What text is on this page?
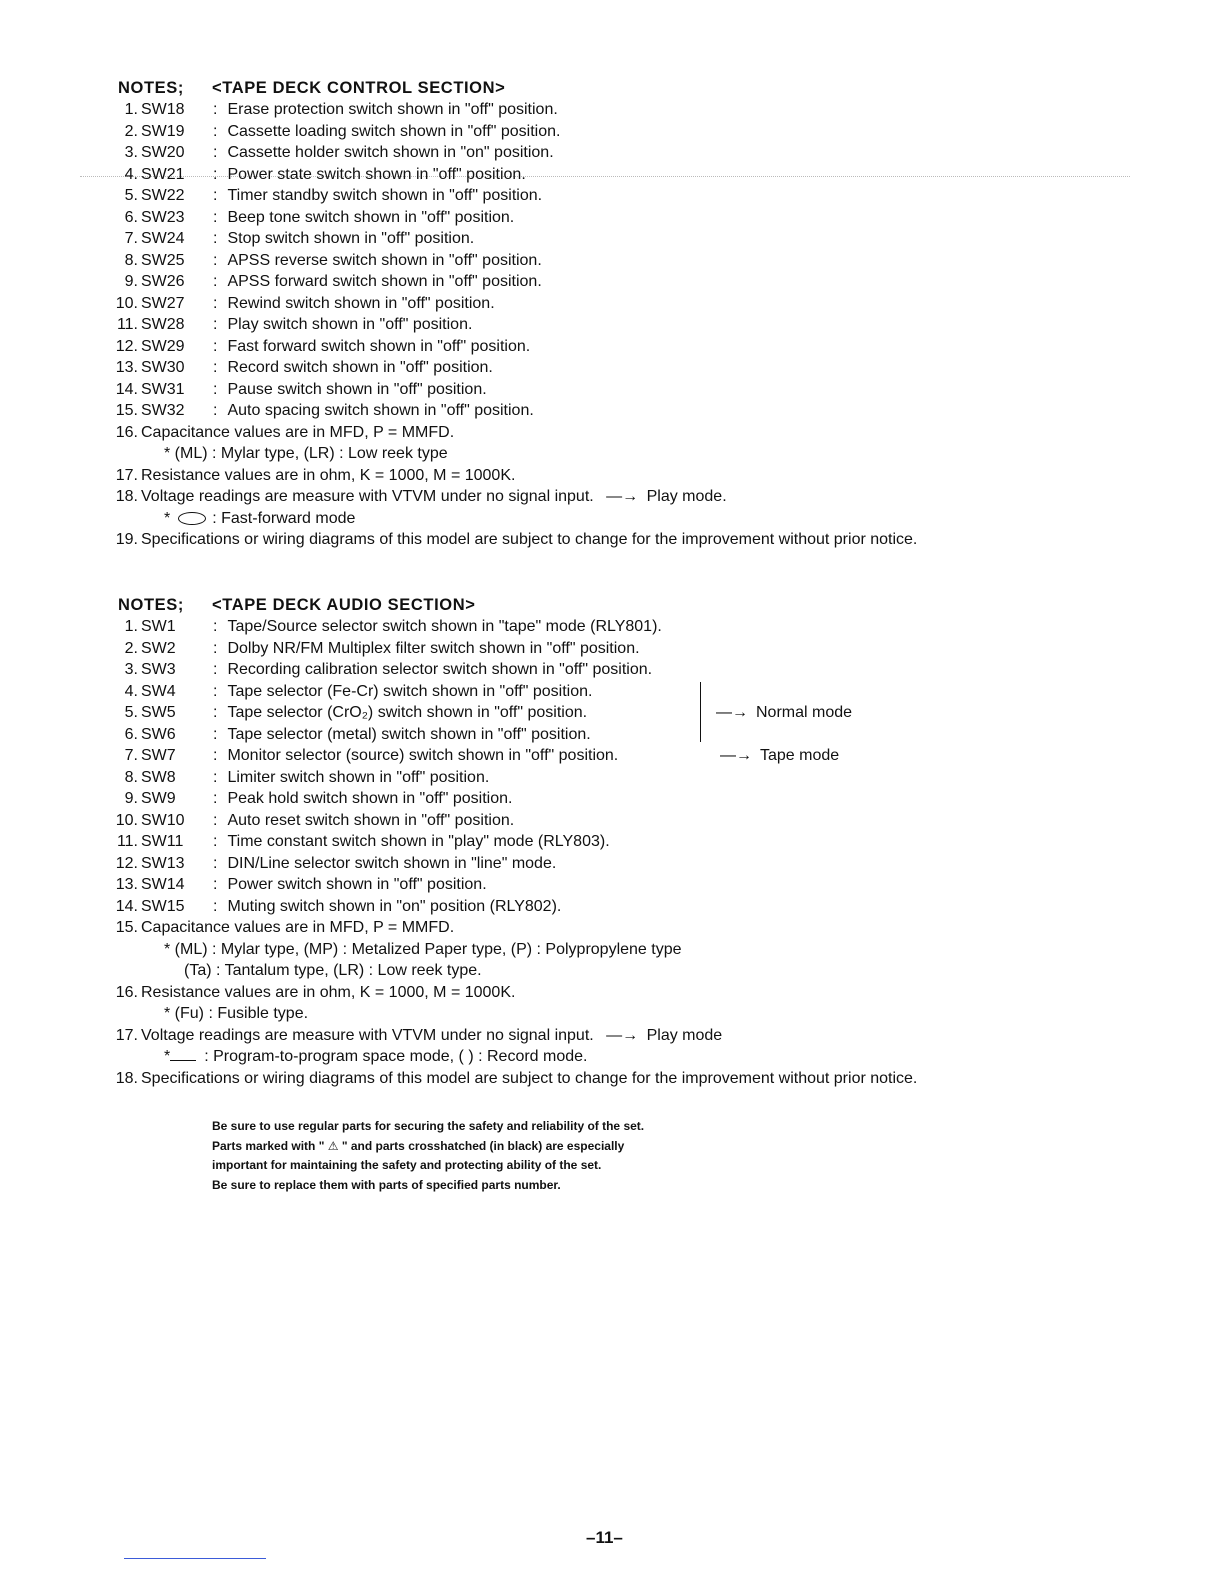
NOTES; <TAPE DECK CONTROL SECTION>
1. SW18 : Erase protection switch shown in "off" position.
2. SW19 : Cassette loading switch shown in "off" position.
3. SW20 : Cassette holder switch shown in "on" position.
4. SW21 : Power state switch shown in "off" position.
5. SW22 : Timer standby switch shown in "off" position.
6. SW23 : Beep tone switch shown in "off" position.
7. SW24 : Stop switch shown in "off" position.
8. SW25 : APSS reverse switch shown in "off" position.
9. SW26 : APSS forward switch shown in "off" position.
10. SW27 : Rewind switch shown in "off" position.
11. SW28 : Play switch shown in "off" position.
12. SW29 : Fast forward switch shown in "off" position.
13. SW30 : Record switch shown in "off" position.
14. SW31 : Pause switch shown in "off" position.
15. SW32 : Auto spacing switch shown in "off" position.
16. Capacitance values are in MFD, P = MMFD.
* (ML) : Mylar type, (LR) : Low reek type
17. Resistance values are in ohm, K = 1000, M = 1000K.
18. Voltage readings are measure with VTVM under no signal input. —→ Play mode.
*	: Fast-forward mode
19. Specifications or wiring diagrams of this model are subject to change for the improvement without prior notice.
NOTES; <TAPE DECK AUDIO SECTION>
1. SW1 : Tape/Source selector switch shown in "tape" mode (RLY801).
2. SW2 : Dolby NR/FM Multiplex filter switch shown in "off" position.
3. SW3 : Recording calibration selector switch shown in "off" position.
4. SW4 : Tape selector (Fe-Cr) switch shown in "off" position.
5. SW5 : Tape selector (CrO₂) switch shown in "off" position.
6. SW6 : Tape selector (metal) switch shown in "off" position.
7. SW7 : Monitor selector (source) switch shown in "off" position.	—→ Tape mode
8. SW8 : Limiter switch shown in "off" position.
9. SW9 : Peak hold switch shown in "off" position.
10. SW10 : Auto reset switch shown in "off" position.
11. SW11 : Time constant switch shown in "play" mode (RLY803).
12. SW13 : DIN/Line selector switch shown in "line" mode.
13. SW14 : Power switch shown in "off" position.
14. SW15 : Muting switch shown in "on" position (RLY802).
—→ Normal mode
15. Capacitance values are in MFD, P = MMFD.
* (ML) : Mylar type, (MP) : Metalized Paper type, (P) : Polypropylene type
(Ta) : Tantalum type, (LR) : Low reek type.
16. Resistance values are in ohm, K = 1000, M = 1000K.
* (Fu) : Fusible type.
17. Voltage readings are measure with VTVM under no signal input. —→ Play mode
* : Program-to-program space mode, ( ) : Record mode.
18. Specifications or wiring diagrams of this model are subject to change for the improvement without prior notice.
Be sure to use regular parts for securing the safety and reliability of the set.
Parts marked with " ⚠ " and parts crosshatched (in black) are especially
important for maintaining the safety and protecting ability of the set.
Be sure to replace them with parts of specified parts number.
–11–
